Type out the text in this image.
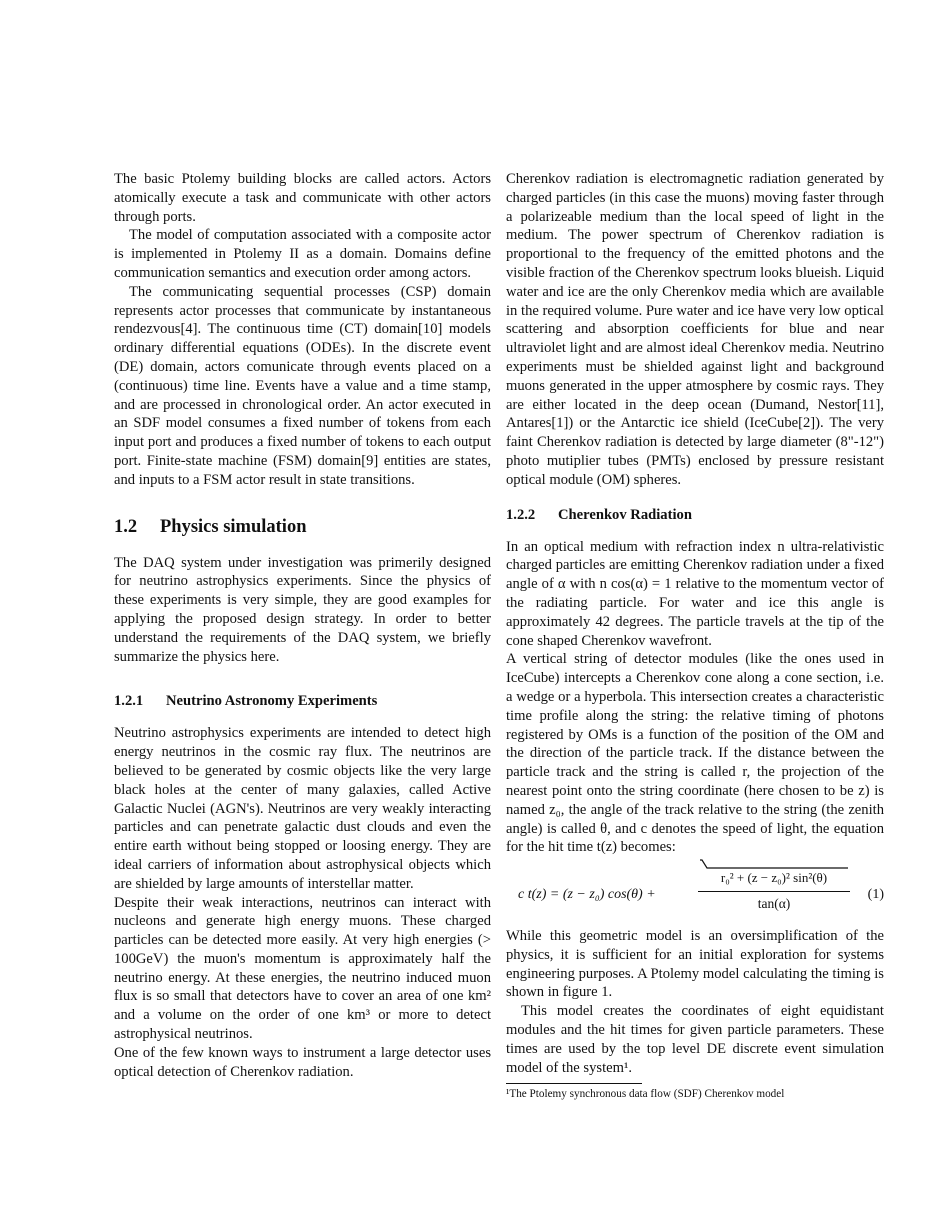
The basic Ptolemy building blocks are called actors. Actors atomically execute a task and communicate with other actors through ports.

The model of computation associated with a composite actor is implemented in Ptolemy II as a domain. Domains define communication semantics and execution order among actors.

The communicating sequential processes (CSP) domain represents actor processes that communicate by instantaneous rendezvous[4]. The continuous time (CT) domain[10] models ordinary differential equations (ODEs). In the discrete event (DE) domain, actors comunicate through events placed on a (continuous) time line. Events have a value and a time stamp, and are processed in chronological order. An actor executed in an SDF model consumes a fixed number of tokens from each input port and produces a fixed number of tokens to each output port. Finite-state machine (FSM) domain[9] entities are states, and inputs to a FSM actor result in state transitions.

1.2 Physics simulation

The DAQ system under investigation was primerily designed for neutrino astrophysics experiments. Since the physics of these experiments is very simple, they are good examples for applying the proposed design strategy. In order to better understand the requirements of the DAQ system, we briefly summarize the physics here.

1.2.1 Neutrino Astronomy Experiments

Neutrino astrophysics experiments are intended to detect high energy neutrinos in the cosmic ray flux. The neutrinos are believed to be generated by cosmic objects like the very large black holes at the center of many galaxies, called Active Galactic Nuclei (AGN's). Neutrinos are very weakly interacting particles and can penetrate galactic dust clouds and even the entire earth without being stopped or loosing energy. They are ideal carriers of information about astrophysical objects which are shielded by large amounts of interstellar matter.

Despite their weak interactions, neutrinos can interact with nucleons and generate high energy muons. These charged particles can be detected more easily. At very high energies (> 100GeV) the muon's momentum is approximately half the neutrino energy. At these energies, the neutrino induced muon flux is so small that detectors have to cover an area of one km² and a volume on the order of one km³ or more to detect astrophysical neutrinos.

One of the few known ways to instrument a large detector uses optical detection of Cherenkov radiation.

Cherenkov radiation is electromagnetic radiation generated by charged particles (in this case the muons) moving faster through a polarizeable medium than the local speed of light in the medium. The power spectrum of Cherenkov radiation is proportional to the frequency of the emitted photons and the visible fraction of the Cherenkov spectrum looks blueish. Liquid water and ice are the only Cherenkov media which are available in the required volume. Pure water and ice have very low optical scattering and absorption coefficients for blue and near ultraviolet light and are almost ideal Cherenkov media. Neutrino experiments must be shielded against light and background muons generated in the upper atmosphere by cosmic rays. They are either located in the deep ocean (Dumand, Nestor[11], Antares[1]) or the Antarctic ice shield (IceCube[2]). The very faint Cherenkov radiation is detected by large diameter (8"-12") photo mutiplier tubes (PMTs) enclosed by pressure resistant optical module (OM) spheres.

1.2.2 Cherenkov Radiation

In an optical medium with refraction index n ultra-relativistic charged particles are emitting Cherenkov radiation under a fixed angle of α with n cos(α) = 1 relative to the momentum vector of the radiating particle. For water and ice this angle is approximately 42 degrees. The particle travels at the tip of the cone shaped Cherenkov wavefront.

A vertical string of detector modules (like the ones used in IceCube) intercepts a Cherenkov cone along a cone section, i.e. a wedge or a hyperbola. This intersection creates a characteristic time profile along the string: the relative timing of photons registered by OMs is a function of the position of the OM and the direction of the particle track. If the distance between the particle track and the string is called r, the projection of the nearest point onto the string coordinate (here chosen to be z) is named z₀, the angle of the track relative to the string (the zenith angle) is called θ, and c denotes the speed of light, the equation for the hit time t(z) becomes:

c t(z) = (z − z₀) cos(θ) +
r₀² + (z − z₀)² sin²(θ)
tan(α)
(1)

While this geometric model is an oversimplification of the physics, it is sufficient for an initial exploration for systems engineering purposes. A Ptolemy model calculating the timing is shown in figure 1.

This model creates the coordinates of eight equidistant modules and the hit times for given particle parameters. These times are used by the top level DE discrete event simulation model of the system¹.

¹The Ptolemy synchronous data flow (SDF) Cherenkov model
